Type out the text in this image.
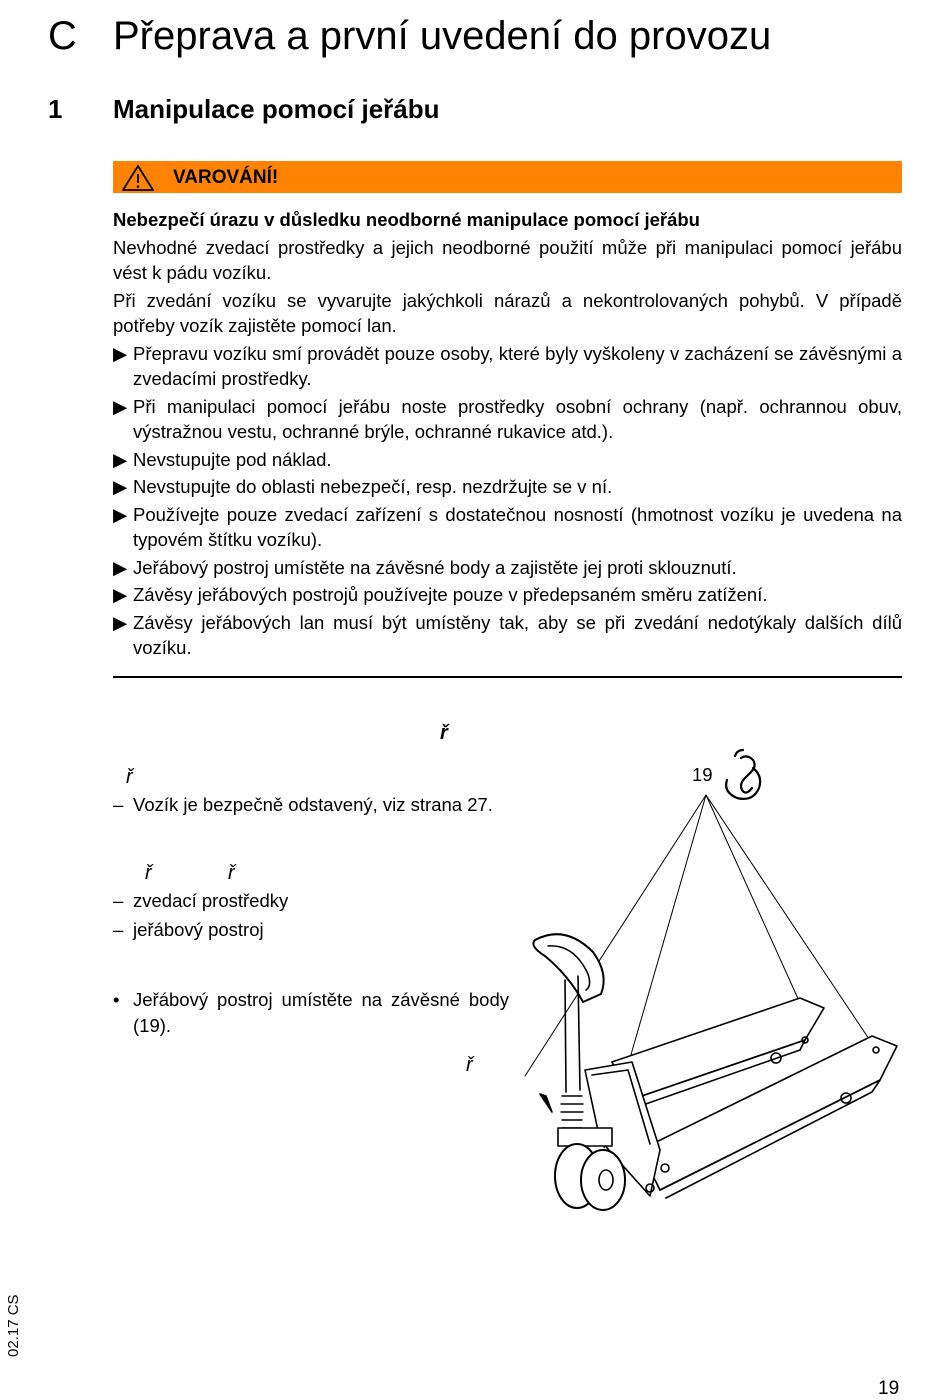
C Přeprava a první uvedení do provozu
1 Manipulace pomocí jeřábu
VAROVÁNÍ!

Nebezpečí úrazu v důsledku neodborné manipulace pomocí jeřábu

Nevhodné zvedací prostředky a jejich neodborné použití může při manipulaci pomocí jeřábu vést k pádu vozíku.

Při zvedání vozíku se vyvarujte jakýchkoli nárazů a nekontrolovaných pohybů. V případě potřeby vozík zajistěte pomocí lan.

▶ Přepravu vozíku smí provádět pouze osoby, které byly vyškoleny v zacházení se závěsnými a zvedacími prostředky.
▶ Při manipulaci pomocí jeřábu noste prostředky osobní ochrany (např. ochrannou obuv, výstražnou vestu, ochranné brýle, ochranné rukavice atd.).
▶ Nevstupujte pod náklad.
▶ Nevstupujte do oblasti nebezpečí, resp. nezdržujte se v ní.
▶ Používejte pouze zvedací zařízení s dostatečnou nosností (hmotnost vozíku je uvedena na typovém štítku vozíku).
▶ Jeřábový postroj umístěte na závěsné body a zajistěte jej proti sklouznutí.
▶ Závěsy jeřábových postrojů používejte pouze v předepsaném směru zatížení.
▶ Závěsy jeřábových lan musí být umístěny tak, aby se při zvedání nedotýkaly dalších dílů vozíku.
ř
ř
ř	ř
ř
– Vozík je bezpečně odstavený, viz strana 27.
– zvedací prostředky
– jeřábový postroj
• Jeřábový postroj umístěte na závěsné body (19).
19
02.17 CS
19
